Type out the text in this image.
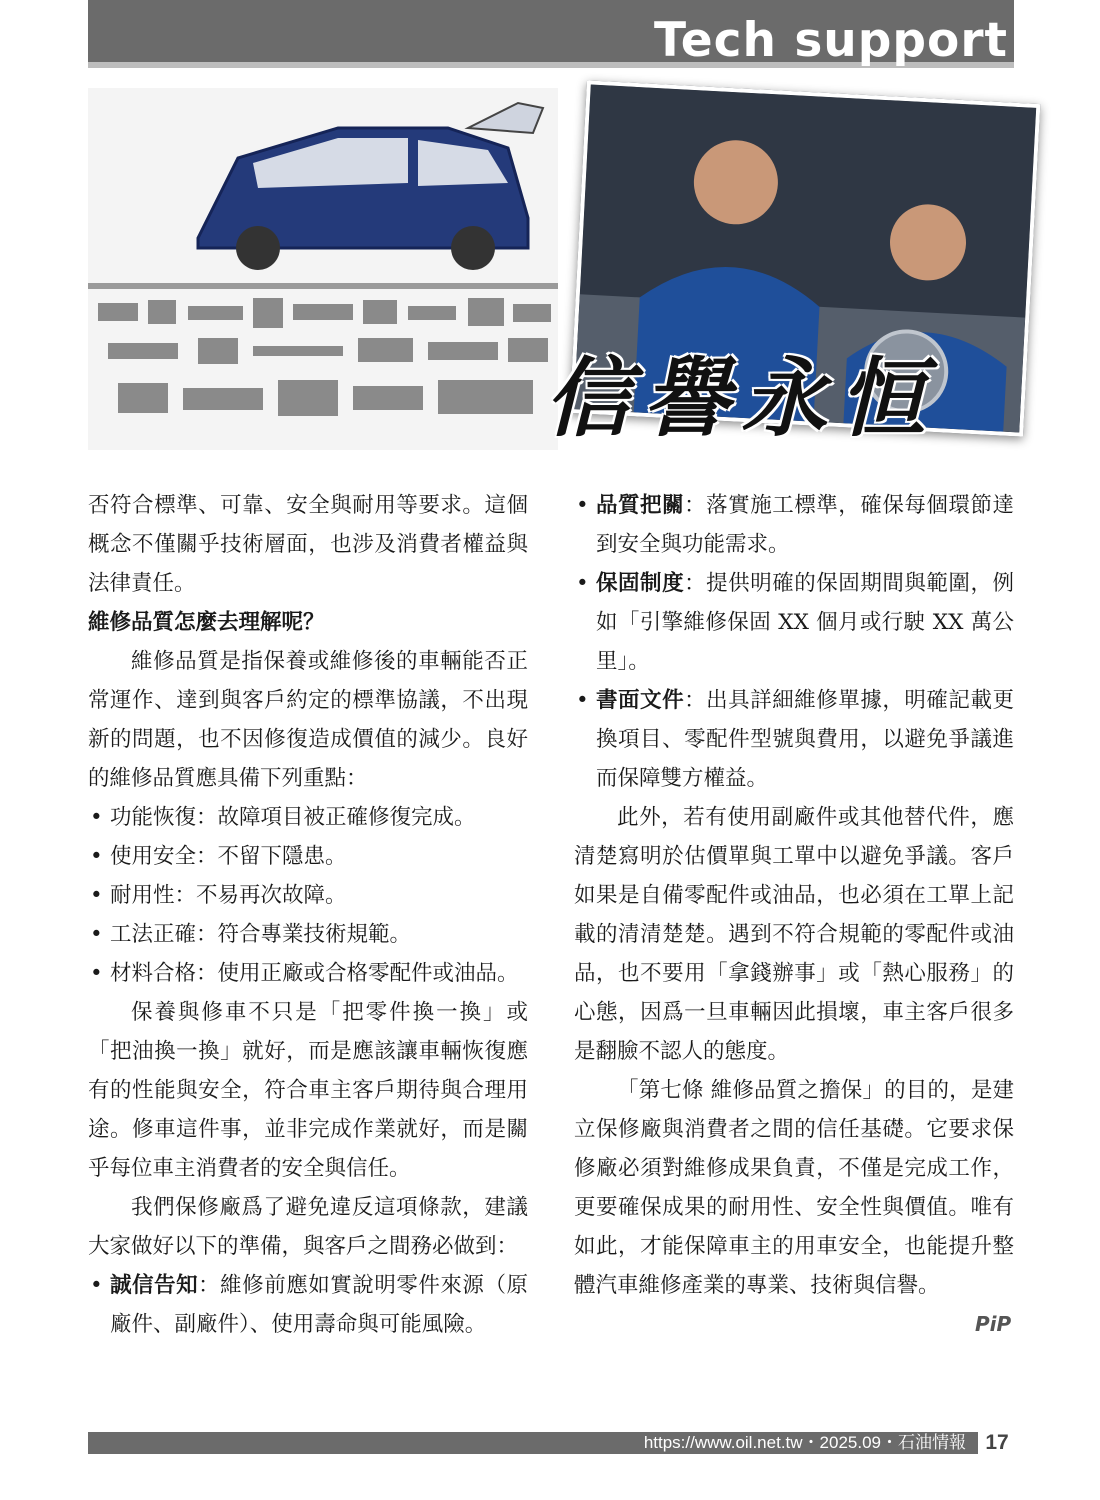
Tech support
信譽永恒

否符合標準、可靠、安全與耐用等要求。這個概念不僅關乎技術層面，也涉及消費者權益與法律責任。

維修品質怎麼去理解呢？

維修品質是指保養或維修後的車輛能否正常運作、達到與客戶約定的標準協議，不出現新的問題，也不因修復造成價值的減少。良好的維修品質應具備下列重點：

• 功能恢復：故障項目被正確修復完成。

• 使用安全：不留下隱患。

• 耐用性：不易再次故障。

• 工法正確：符合專業技術規範。

• 材料合格：使用正廠或合格零配件或油品。

保養與修車不只是「把零件換一換」或「把油換一換」就好，而是應該讓車輛恢復應有的性能與安全，符合車主客戶期待與合理用途。修車這件事，並非完成作業就好，而是關乎每位車主消費者的安全與信任。

我們保修廠爲了避免違反這項條款，建議大家做好以下的準備，與客戶之間務必做到：

• 誠信告知：維修前應如實說明零件來源（原廠件、副廠件）、使用壽命與可能風險。

• 品質把關：落實施工標準，確保每個環節達到安全與功能需求。

• 保固制度：提供明確的保固期間與範圍，例如「引擎維修保固 XX 個月或行駛 XX 萬公里」。

• 書面文件：出具詳細維修單據，明確記載更換項目、零配件型號與費用，以避免爭議進而保障雙方權益。

此外，若有使用副廠件或其他替代件，應清楚寫明於估價單與工單中以避免爭議。客戶如果是自備零配件或油品，也必須在工單上記載的清清楚楚。遇到不符合規範的零配件或油品，也不要用「拿錢辦事」或「熱心服務」的心態，因爲一旦車輛因此損壞，車主客戶很多是翻臉不認人的態度。

「第七條 維修品質之擔保」的目的，是建立保修廠與消費者之間的信任基礎。它要求保修廠必須對維修成果負責，不僅是完成工作，更要確保成果的耐用性、安全性與價值。唯有如此，才能保障車主的用車安全，也能提升整體汽車維修產業的專業、技術與信譽。

PiP
https://www.oil.net.tw・2025.09・石油情報 17
